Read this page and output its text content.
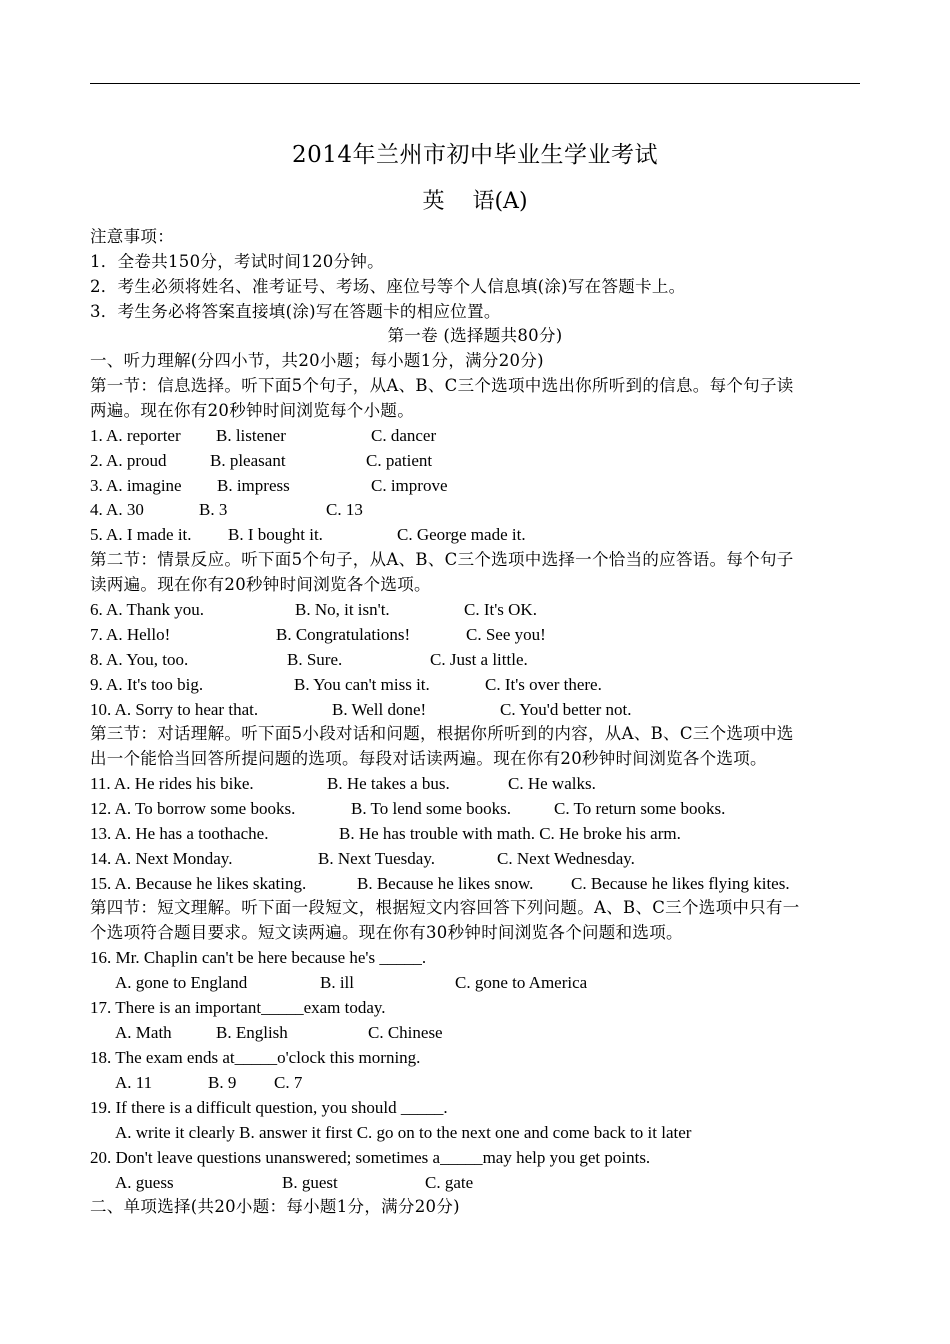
2014年兰州市初中毕业生学业考试
英 语(A)
注意事项：
1．全卷共150分，考试时间120分钟。
2．考生必须将姓名、准考证号、考场、座位号等个人信息填(涂)写在答题卡上。
3．考生务必将答案直接填(涂)写在答题卡的相应位置。
第一卷 (选择题共80分)
一、听力理解(分四小节，共20小题；每小题1分，满分20分)
第一节：信息选择。听下面5个句子，从A、B、C三个选项中选出你所听到的信息。每个句子读
两遍。现在你有20秒钟时间浏览每个小题。
1. A. reporter B. listener	C. dancer
2. A. proud	B. pleasant	C. patient
3. A. imagine B. impress	C. improve
4. A. 30	B. 3	C. 13
5. A. I made it. B. I bought it.	C. George made it.
第二节：情景反应。听下面5个句子，从A、B、C三个选项中选择一个恰当的应答语。每个句子
读两遍。现在你有20秒钟时间浏览各个选项。
6. A. Thank you.	B. No, it isn't.	C. It's OK.
7. A. Hello!	B. Congratulations!	C. See you!
8. A. You, too.	B. Sure.	C. Just a little.
9. A. It's too big.	B. You can't miss it.	C. It's over there.
10. A. Sorry to hear that.	B. Well done!	C. You'd better not.
第三节：对话理解。听下面5小段对话和问题，根据你所听到的内容，从A、B、C三个选项中选
出一个能恰当回答所提问题的选项。每段对话读两遍。现在你有20秒钟时间浏览各个选项。
11. A. He rides his bike.	B. He takes a bus.	C. He walks.
12. A. To borrow some books.	B. To lend some books.	C. To return some books.
13. A. He has a toothache.	B. He has trouble with math. C. He broke his arm.
14. A. Next Monday.	B. Next Tuesday.	C. Next Wednesday.
15. A. Because he likes skating.	B. Because he likes snow. C. Because he likes flying kites.
第四节：短文理解。听下面一段短文，根据短文内容回答下列问题。A、B、C三个选项中只有一
个选项符合题目要求。短文读两遍。现在你有30秒钟时间浏览各个问题和选项。
16. Mr. Chaplin can't be here because he's _____.
A. gone to England	B. ill	C. gone to America
17. There is an important_____exam today.
A. Math	B. English	C. Chinese
18. The exam ends at_____o'clock this morning.
A. 11	B. 9 C. 7
19. If there is a difficult question, you should _____.
A. write it clearly B. answer it first C. go on to the next one and come back to it later
20. Don't leave questions unanswered; sometimes a_____may help you get points.
A. guess	B. guest	C. gate
二、单项选择(共20小题：每小题1分，满分20分)
